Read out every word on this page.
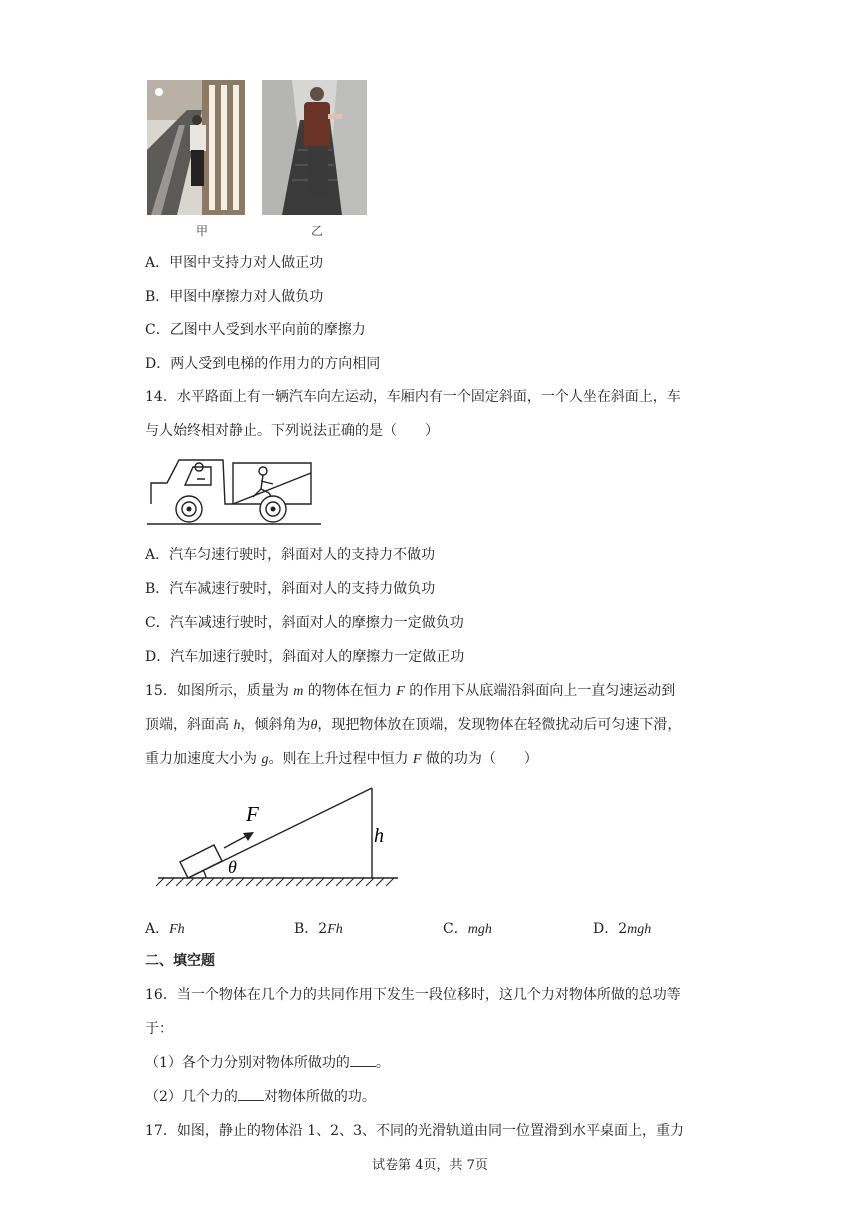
甲	乙
A．甲图中支持力对人做正功
B．甲图中摩擦力对人做负功
C．乙图中人受到水平向前的摩擦力
D．两人受到电梯的作用力的方向相同
14．水平路面上有一辆汽车向左运动，车厢内有一个固定斜面，一个人坐在斜面上，车
与人始终相对静止。下列说法正确的是（　　）
A．汽车匀速行驶时，斜面对人的支持力不做功
B．汽车减速行驶时，斜面对人的支持力做负功
C．汽车减速行驶时，斜面对人的摩擦力一定做负功
D．汽车加速行驶时，斜面对人的摩擦力一定做正功
15．如图所示，质量为 m 的物体在恒力 F 的作用下从底端沿斜面向上一直匀速运动到
顶端，斜面高 h，倾斜角为θ，现把物体放在顶端，发现物体在轻微扰动后可匀速下滑，
重力加速度大小为 g。则在上升过程中恒力 F 做的功为（　　）
F
h
θ
A．Fh	B．2Fh	C．mgh	D．2mgh
二、填空题
16．当一个物体在几个力的共同作用下发生一段位移时，这几个力对物体所做的总功等
于：
（1）各个力分别对物体所做功的 。
（2）几个力的 对物体所做的功。
17．如图，静止的物体沿 1、2、3、不同的光滑轨道由同一位置滑到水平桌面上，重力
试卷第 4页，共 7页
